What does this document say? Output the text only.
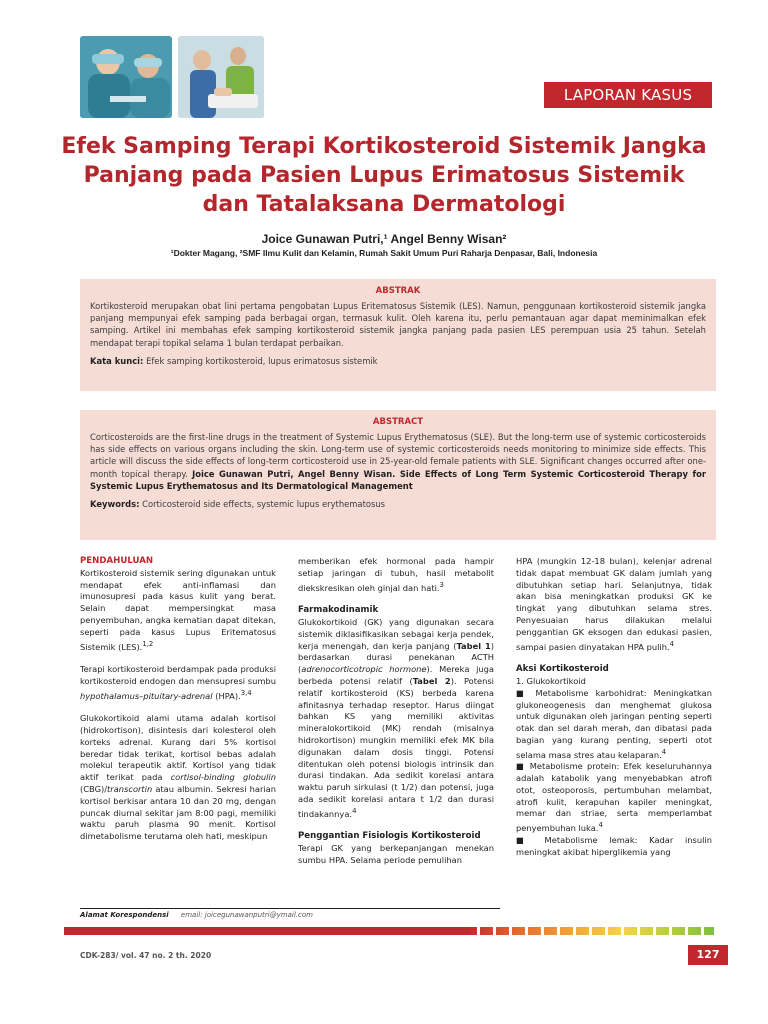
LAPORAN KASUS
Efek Samping Terapi Kortikosteroid Sistemik Jangka Panjang pada Pasien Lupus Erimatosus Sistemik dan Tatalaksana Dermatologi
Joice Gunawan Putri,¹ Angel Benny Wisan²
¹Dokter Magang, ²SMF Ilmu Kulit dan Kelamin, Rumah Sakit Umum Puri Raharja Denpasar, Bali, Indonesia
ABSTRAK
Kortikosteroid merupakan obat lini pertama pengobatan Lupus Eritematosus Sistemik (LES). Namun, penggunaan kortikosteroid sistemik jangka panjang mempunyai efek samping pada berbagai organ, termasuk kulit. Oleh karena itu, perlu pemantauan agar dapat meminimalkan efek samping. Artikel ini membahas efek samping kortikosteroid sistemik jangka panjang pada pasien LES perempuan usia 25 tahun. Setelah mendapat terapi topikal selama 1 bulan terdapat perbaikan.
Kata kunci: Efek samping kortikosteroid, lupus erimatosus sistemik
ABSTRACT
Corticosteroids are the first-line drugs in the treatment of Systemic Lupus Erythematosus (SLE). But the long-term use of systemic corticosteroids has side effects on various organs including the skin. Long-term use of systemic corticosteroids needs monitoring to minimize side effects. This article will discuss the side effects of long-term corticosteroid use in 25-year-old female patients with SLE. Significant changes occurred after one-month topical therapy. Joice Gunawan Putri, Angel Benny Wisan. Side Effects of Long Term Systemic Corticosteroid Therapy for Systemic Lupus Erythematosus and Its Dermatological Management
Keywords: Corticosteroid side effects, systemic lupus erythematosus
PENDAHULUAN

Kortikosteroid sistemik sering digunakan untuk mendapat efek anti-inflamasi dan imunosupresi pada kasus kulit yang berat. Selain dapat mempersingkat masa penyembuhan, angka kematian dapat ditekan, seperti pada kasus Lupus Eritematosus Sistemik (LES).$^{1,2}$

Terapi kortikosteroid berdampak pada produksi kortikosteroid endogen dan mensupresi sumbu hypothalamus–pituitary-adrenal (HPA).$^{3,4}$

Glukokortikoid alami utama adalah kortisol (hidrokortison), disintesis dari kolesterol oleh korteks adrenal. Kurang dari 5% kortisol beredar tidak terikat, kortisol bebas adalah molekul terapeutik aktif. Kortisol yang tidak aktif terikat pada cortisol-binding globulin (CBG)/transcortin atau albumin. Sekresi harian kortisol berkisar antara 10 dan 20 mg, dengan puncak diurnal sekitar jam 8:00 pagi, memiliki waktu paruh plasma 90 menit. Kortisol dimetabolisme terutama oleh hati, meskipun

memberikan efek hormonal pada hampir setiap jaringan di tubuh, hasil metabolit diekskresikan oleh ginjal dan hati.$^3$

Farmakodinamik

Glukokortikoid (GK) yang digunakan secara sistemik diklasifikasikan sebagai kerja pendek, kerja menengah, dan kerja panjang (Tabel 1) berdasarkan durasi penekanan ACTH (adrenocorticotropic hormone). Mereka juga berbeda potensi relatif (Tabel 2). Potensi relatif kortikosteroid (KS) berbeda karena afinitasnya terhadap reseptor. Harus diingat bahkan KS yang memiliki aktivitas mineralokortikoid (MK) rendah (misalnya hidrokortison) mungkin memiliki efek MK bila digunakan dalam dosis tinggi. Potensi ditentukan oleh potensi biologis intrinsik dan durasi tindakan. Ada sedikit korelasi antara waktu paruh sirkulasi (t 1/2) dan potensi, juga ada sedikit korelasi antara t 1/2 dan durasi tindakannya.$^4$

Penggantian Fisiologis Kortikosteroid

Terapi GK yang berkepanjangan menekan sumbu HPA. Selama periode pemulihan

HPA (mungkin 12-18 bulan), kelenjar adrenal tidak dapat membuat GK dalam jumlah yang dibutuhkan setiap hari. Selanjutnya, tidak akan bisa meningkatkan produksi GK ke tingkat yang dibutuhkan selama stres. Penyesuaian harus dilakukan melalui penggantian GK eksogen dan edukasi pasien, sampai pasien dinyatakan HPA pulih.$^4$

Aksi Kortikosteroid

1. Glukokortikoid

■ Metabolisme karbohidrat: Meningkatkan glukoneogenesis dan menghemat glukosa untuk digunakan oleh jaringan penting seperti otak dan sel darah merah, dan dibatasi pada bagian yang kurang penting, seperti otot selama masa stres atau kelaparan.$^4$

■ Metabolisme protein: Efek keseluruhannya adalah katabolik yang menyebabkan atrofi otot, osteoporosis, pertumbuhan melambat, atrofi kulit, kerapuhan kapiler meningkat, memar dan striae, serta memperlambat penyembuhan luka.$^4$

■ Metabolisme lemak: Kadar insulin meningkat akibat hiperglikemia yang

Alamat Korespondensi email: joicegunawanputri@ymail.com
CDK-283/ vol. 47 no. 2 th. 2020	127
